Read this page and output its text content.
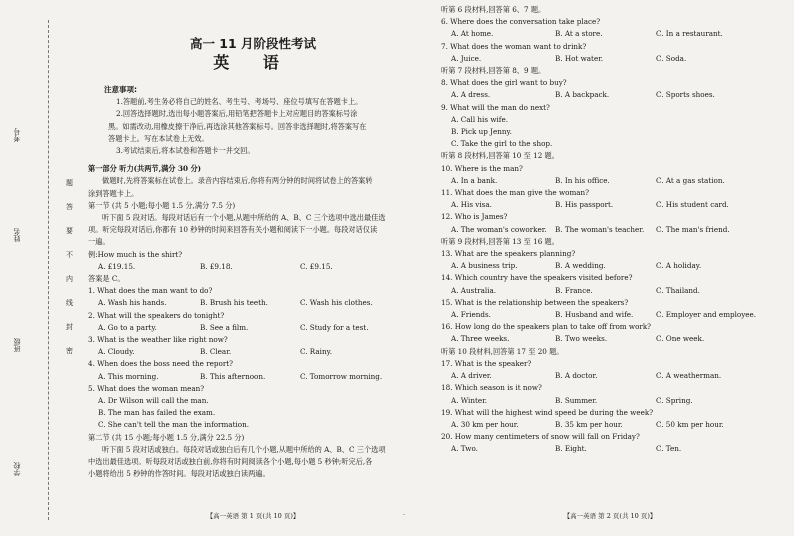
考号
姓名
班级
学校
题
答
要
不
内
线
封
密
高一 11 月阶段性考试
英 语
注意事项:

1.答题前,考生务必将自己的姓名、考生号、考场号、座位号填写在答题卡上。

2.回答选择题时,选出每小题答案后,用铅笔把答题卡上对应题目的答案标号涂

黑。如需改动,用橡皮擦干净后,再选涂其他答案标号。回答非选择题时,将答案写在

答题卡上。写在本试卷上无效。

3.考试结束后,将本试卷和答题卡一并交回。

第一部分 听力(共两节,满分 30 分)
做题时,先将答案标在试卷上。录音内容结束后,你将有两分钟的时间将试卷上的答案转
涂到答题卡上。
第一节 (共 5 小题;每小题 1.5 分,满分 7.5 分)
听下面 5 段对话。每段对话后有一个小题,从题中所给的 A、B、C 三个选项中选出最佳选
项。听完每段对话后,你都有 10 秒钟的时间来回答有关小题和阅读下一小题。每段对话仅读
一遍。
例:How much is the shirt?
A. £19.15.	B. £9.18.	C. £9.15.
答案是 C。
1. What does the man want to do?
A. Wash his hands.	B. Brush his teeth.	C. Wash his clothes.
2. What will the speakers do tonight?
A. Go to a party.	B. See a film.	C. Study for a test.
3. What is the weather like right now?
A. Cloudy.	B. Clear.	C. Rainy.
4. When does the boss need the report?
A. This morning.	B. This afternoon.	C. Tomorrow morning.
5. What does the woman mean?
A. Dr Wilson will call the man.
B. The man has failed the exam.
C. She can't tell the man the information.
第二节 (共 15 小题;每小题 1.5 分,满分 22.5 分)
听下面 5 段对话或独白。每段对话或独白后有几个小题,从题中所给的 A、B、C 三个选项
中选出最佳选项。听每段对话或独白前,你将有时间阅读各个小题,每小题 5 秒钟;听完后,各
小题将给出 5 秒钟的作答时间。每段对话或独白读两遍。
【高一英语 第 1 页(共 10 页)】	·
听第 6 段材料,回答第 6、7 题。
6. Where does the conversation take place?
A. At home.	B. At a store.	C. In a restaurant.
7. What does the woman want to drink?
A. Juice.	B. Hot water.	C. Soda.
听第 7 段材料,回答第 8、9 题。
8. What does the girl want to buy?
A. A dress.	B. A backpack.	C. Sports shoes.
9. What will the man do next?
A. Call his wife.
B. Pick up Jenny.
C. Take the girl to the shop.
听第 8 段材料,回答第 10 至 12 题。
10. Where is the man?
A. In a bank.	B. In his office.	C. At a gas station.
11. What does the man give the woman?
A. His visa.	B. His passport.	C. His student card.
12. Who is James?
A. The woman's coworker.	B. The woman's teacher.	C. The man's friend.
听第 9 段材料,回答第 13 至 16 题。
13. What are the speakers planning?
A. A business trip.	B. A wedding.	C. A holiday.
14. Which country have the speakers visited before?
A. Australia.	B. France.	C. Thailand.
15. What is the relationship between the speakers?
A. Friends.	B. Husband and wife.	C. Employer and employee.
16. How long do the speakers plan to take off from work?
A. Three weeks.	B. Two weeks.	C. One week.
听第 10 段材料,回答第 17 至 20 题。
17. What is the speaker?
A. A driver.	B. A doctor.	C. A weatherman.
18. Which season is it now?
A. Winter.	B. Summer.	C. Spring.
19. What will the highest wind speed be during the week?
A. 30 km per hour.	B. 35 km per hour.	C. 50 km per hour.
20. How many centimeters of snow will fall on Friday?
A. Two.	B. Eight.	C. Ten.
【高一英语 第 2 页(共 10 页)】
